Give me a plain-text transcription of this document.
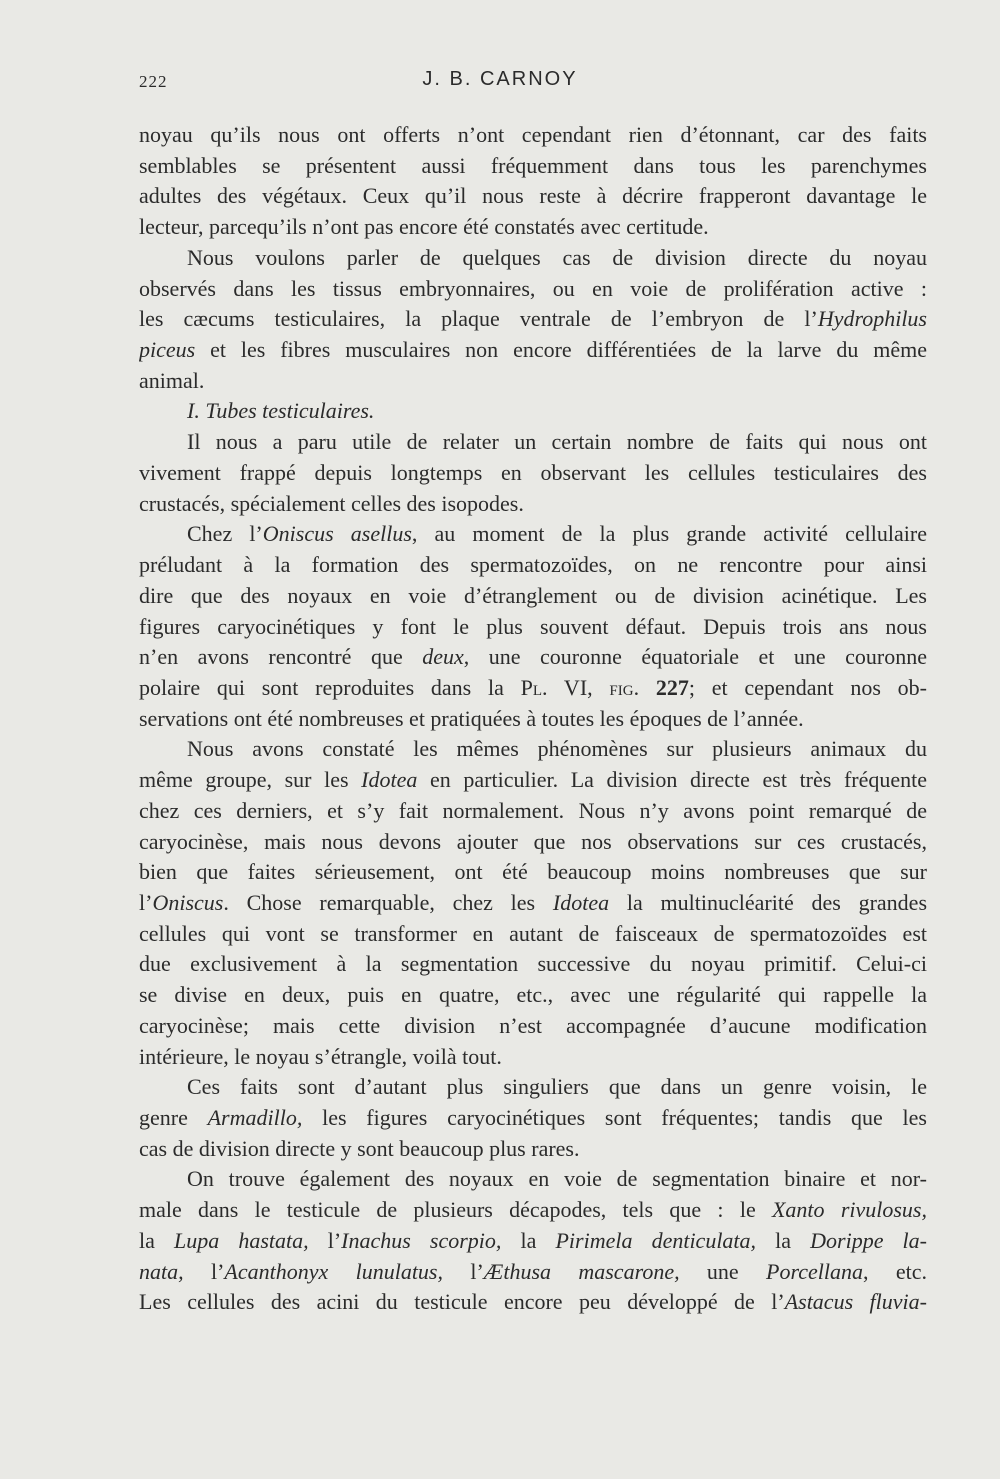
222	J. B. CARNOY
noyau qu’ils nous ont offerts n’ont cependant rien d’étonnant, car des faits
semblables se présentent aussi fréquemment dans tous les parenchymes
adultes des végétaux. Ceux qu’il nous reste à décrire frapperont davantage le
lecteur, parcequ’ils n’ont pas encore été constatés avec certitude.
Nous voulons parler de quelques cas de division directe du noyau
observés dans les tissus embryonnaires, ou en voie de prolifération active :
les cæcums testiculaires, la plaque ventrale de l’embryon de l’Hydrophilus
piceus et les fibres musculaires non encore différentiées de la larve du même
animal.
I. Tubes testiculaires.
Il nous a paru utile de relater un certain nombre de faits qui nous ont
vivement frappé depuis longtemps en observant les cellules testiculaires des
crustacés, spécialement celles des isopodes.
Chez l’Oniscus asellus, au moment de la plus grande activité cellulaire
préludant à la formation des spermatozoïdes, on ne rencontre pour ainsi
dire que des noyaux en voie d’étranglement ou de division acinétique. Les
figures caryocinétiques y font le plus souvent défaut. Depuis trois ans nous
n’en avons rencontré que deux, une couronne équatoriale et une couronne
polaire qui sont reproduites dans la Pl. VI, fig. 227; et cependant nos ob-
servations ont été nombreuses et pratiquées à toutes les époques de l’année.
Nous avons constaté les mêmes phénomènes sur plusieurs animaux du
même groupe, sur les Idotea en particulier. La division directe est très fréquente
chez ces derniers, et s’y fait normalement. Nous n’y avons point remarqué de
caryocinèse, mais nous devons ajouter que nos observations sur ces crustacés,
bien que faites sérieusement, ont été beaucoup moins nombreuses que sur
l’Oniscus. Chose remarquable, chez les Idotea la multinucléarité des grandes
cellules qui vont se transformer en autant de faisceaux de spermatozoïdes est
due exclusivement à la segmentation successive du noyau primitif. Celui-ci
se divise en deux, puis en quatre, etc., avec une régularité qui rappelle la
caryocinèse; mais cette division n’est accompagnée d’aucune modification
intérieure, le noyau s’étrangle, voilà tout.
Ces faits sont d’autant plus singuliers que dans un genre voisin, le
genre Armadillo, les figures caryocinétiques sont fréquentes; tandis que les
cas de division directe y sont beaucoup plus rares.
On trouve également des noyaux en voie de segmentation binaire et nor-
male dans le testicule de plusieurs décapodes, tels que : le Xanto rivulosus,
la Lupa hastata, l’Inachus scorpio, la Pirimela denticulata, la Dorippe la-
nata, l’Acanthonyx lunulatus, l’Æthusa mascarone, une Porcellana, etc.
Les cellules des acini du testicule encore peu développé de l’Astacus fluvia-
